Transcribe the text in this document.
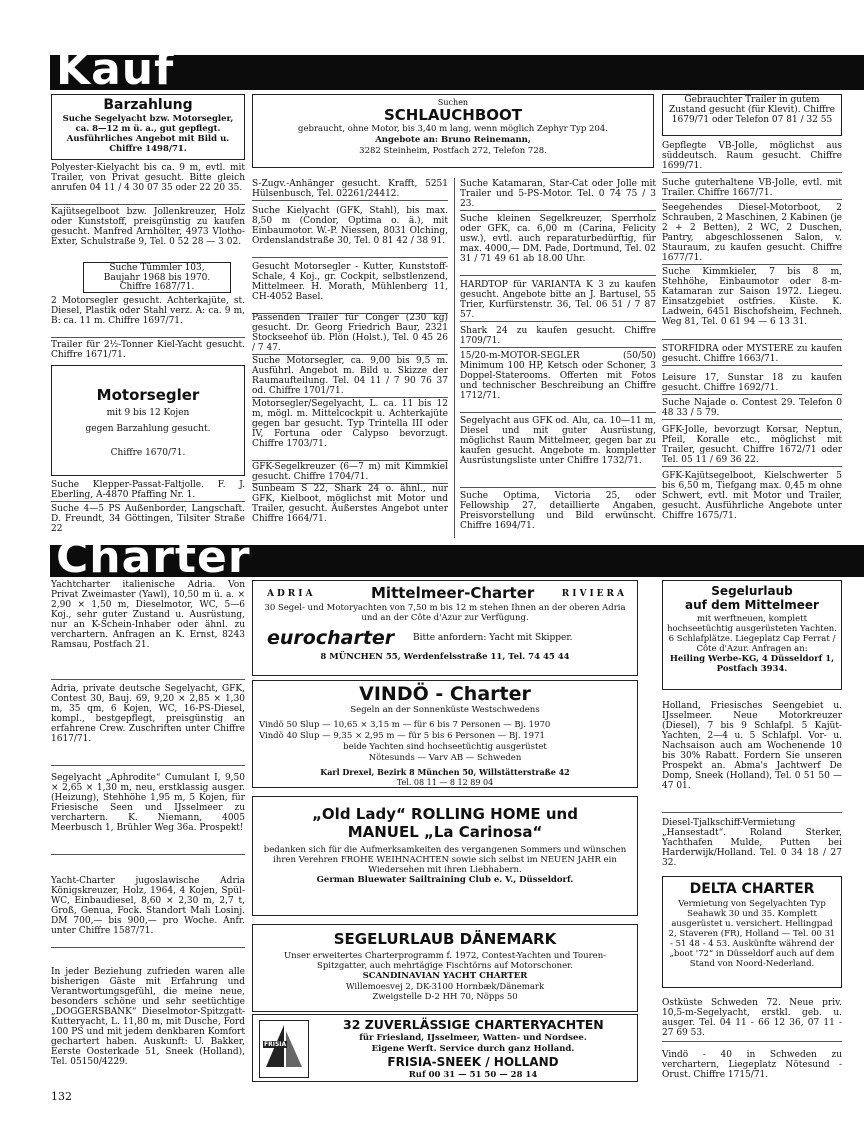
Kauf
Barzahlung
Suche Segelyacht bzw. Motorsegler, ca. 8—12 m ü. a., gut gepflegt. Ausführliches Angebot mit Bild u. Chiffre 1498/71.
Polyester-Kielyacht bis ca. 9 m, evtl. mit Trailer, von Privat gesucht. Bitte gleich anrufen 04 11 / 4 30 07 35 oder 22 20 35.
Kajütsegelboot bzw. Jollenkreuzer, Holz oder Kunststoff, preisgünstig zu kaufen gesucht. Manfred Arnhölter, 4973 Vlotho-Exter, Schulstraße 9, Tel. 0 52 28 — 3 02.
Suche Tümmler 103,
Baujahr 1968 bis 1970.
Chiffre 1687/71.
2 Motorsegler gesucht. Achterkajüte, st. Diesel, Plastik oder Stahl verz. A: ca. 9 m, B: ca. 11 m. Chiffre 1697/71.
Trailer für 2½-Tonner Kiel-Yacht gesucht. Chiffre 1671/71.
Motorsegler
mit 9 bis 12 Kojen
gegen Barzahlung gesucht.
Chiffre 1670/71.
Suche Klepper-Passat-Faltjolle. F. J. Eberling, A-4870 Pfaffing Nr. 1.
Suche 4—5 PS Außenborder, Langschaft. D. Freundt, 34 Göttingen, Tilsiter Straße 22
Suchen
SCHLAUCHBOOT
gebraucht, ohne Motor, bis 3,40 m lang, wenn möglich Zephyr Typ 204.
Angebote an: Bruno Reinemann,
3282 Steinheim, Postfach 272, Telefon 728.
S-Zugv.-Anhänger gesucht. Krafft, 5251 Hülsenbusch, Tel. 02261/24412.
Suche Kielyacht (GFK, Stahl), bis max. 8,50 m (Condor, Optima o. ä.), mit Einbaumotor. W.-P. Niessen, 8031 Olching, Ordenslandstraße 30, Tel. 0 81 42 / 38 91.
Gesucht Motorsegler - Kutter, Kunststoff-Schale, 4 Koj., gr. Cockpit, selbstlenzend, Mittelmeer. H. Morath, Mühlenberg 11, CH-4052 Basel.
Passenden Trailer für Conger (230 kg) gesucht. Dr. Georg Friedrich Baur, 2321 Stockseehof üb. Plön (Holst.), Tel. 0 45 26 / 7 47.
Suche Motorsegler, ca. 9,00 bis 9,5 m. Ausführl. Angebot m. Bild u. Skizze der Raumaufteilung. Tel. 04 11 / 7 90 76 37 od. Chiffre 1701/71.
Motorsegler/Segelyacht, L. ca. 11 bis 12 m, mögl. m. Mittelcockpit u. Achterkajüte gegen bar gesucht. Typ Trintella III oder IV, Fortuna oder Calypso bevorzugt. Chiffre 1703/71.
GFK-Segelkreuzer (6—7 m) mit Kimmkiel gesucht. Chiffre 1704/71.
Sunbeam S 22, Shark 24 o. ähnl., nur GFK, Kielboot, möglichst mit Motor und Trailer, gesucht. Äußerstes Angebot unter Chiffre 1664/71.
Suche Katamaran, Star-Cat oder Jolle mit Trailer und 5-PS-Motor. Tel. 0 74 75 / 3 23.
Suche kleinen Segelkreuzer, Sperrholz oder GFK, ca. 6,00 m (Carina, Felicity usw.), evtl. auch reparaturbedürftig, für max. 4000,— DM. Pade, Dortmund, Tel. 02 31 / 71 49 61 ab 18.00 Uhr.
HARDTOP für VARIANTA K 3 zu kaufen gesucht. Angebote bitte an J. Bartusel, 55 Trier, Kurfürstenstr. 36, Tel. 06 51 / 7 87 57.
Shark 24 zu kaufen gesucht. Chiffre 1709/71.
15/20-m-MOTOR-SEGLER (50/50) Minimum 100 HP, Ketsch oder Schoner, 3 Doppel-Staterooms. Offerten mit Fotos und technischer Beschreibung an Chiffre 1712/71.
Segelyacht aus GFK od. Alu, ca. 10—11 m, Diesel und mit guter Ausrüstung, möglichst Raum Mittelmeer, gegen bar zu kaufen gesucht. Angebote m. kompletter Ausrüstungsliste unter Chiffre 1732/71.
Suche Optima, Victoria 25, oder Fellowship 27, detaillierte Angaben, Preisvorstellung und Bild erwünscht. Chiffre 1694/71.
Gebrauchter Trailer in gutem Zustand gesucht (für Klevit). Chiffre 1679/71 oder Telefon 07 81 / 32 55
Gepflegte VB-Jolle, möglichst aus süddeutsch. Raum gesucht. Chiffre 1699/71.
Suche guterhaltene VB-Jolle, evtl. mit Trailer. Chiffre 1667/71.
Seegehendes Diesel-Motorboot, 2 Schrauben, 2 Maschinen, 2 Kabinen (je 2 + 2 Betten), 2 WC, 2 Duschen, Pantry, abgeschlossenen Salon, v. Stauraum, zu kaufen gesucht. Chiffre 1677/71.
Suche Kimmkieler, 7 bis 8 m, Stehhöhe, Einbaumotor oder 8-m-Katamaran zur Saison 1972. Liegeu. Einsatzgebiet ostfries. Küste. K. Ladwein, 6451 Bischofsheim, Fechneh. Weg 81, Tel. 0 61 94 — 6 13 31.
STORFIDRA oder MYSTÈRE zu kaufen gesucht. Chiffre 1663/71.
Leisure 17, Sunstar 18 zu kaufen gesucht. Chiffre 1692/71.
Suche Najade o. Contest 29. Telefon 0 48 33 / 5 79.
GFK-Jolle, bevorzugt Korsar, Neptun, Pfeil, Koralle etc., möglichst mit Trailer, gesucht. Chiffre 1672/71 oder Tel. 05 11 / 69 36 22.
GFK-Kajütsegelboot, Kielschwerter 5 bis 6,50 m, Tiefgang max. 0,45 m ohne Schwert, evtl. mit Motor und Trailer, gesucht. Ausführliche Angebote unter Chiffre 1675/71.
Charter
Yachtcharter italienische Adria. Von Privat Zweimaster (Yawl), 10,50 m ü. a. × 2,90 × 1,50 m, Dieselmotor, WC, 5—6 Koj., sehr guter Zustand u. Ausrüstung, nur an K-Schein-Inhaber oder ähnl. zu verchartern. Anfragen an K. Ernst, 8243 Ramsau, Postfach 21.
Adria, private deutsche Segelyacht, GFK, Contest 30, Bauj. 69, 9,20 × 2,85 × 1,30 m, 35 qm, 6 Kojen, WC, 16-PS-Diesel, kompl., bestgepflegt, preisgünstig an erfahrene Crew. Zuschriften unter Chiffre 1617/71.
Segelyacht „Aphrodite“ Cumulant I, 9,50 × 2,65 × 1,30 m, neu, erstklassig ausger. (Heizung), Stehhöhe 1,95 m, 5 Kojen, für Friesische Seen und IJsselmeer zu verchartern. K. Niemann, 4005 Meerbusch 1, Brühler Weg 36a. Prospekt!
Yacht-Charter jugoslawische Adria Königskreuzer, Holz, 1964, 4 Kojen, Spül-WC, Einbaudiesel, 8,60 × 2,30 m, 2,7 t, Groß, Genua, Fock. Standort Mali Losinj. DM 700,— bis 900,— pro Woche. Anfr. unter Chiffre 1587/71.
In jeder Beziehung zufrieden waren alle bisherigen Gäste mit Erfahrung und Verantwortungsgefühl, die meine neue, besonders schöne und sehr seetüchtige „DOGGERSBANK“ Dieselmotor-Spitzgatt-Kutteryacht, L. 11,80 m, mit Dusche, Ford 100 PS und mit jedem denkbaren Komfort gechartert haben. Auskunft: U. Bakker, Eerste Oosterkade 51, Sneek (Holland), Tel. 05150/4229.
ADRIA	Mittelmeer-Charter	RIVIERA
30 Segel- und Motoryachten von 7,50 m bis 12 m stehen Ihnen an der oberen Adria und an der Côte d'Azur zur Verfügung.
eurocharter Bitte anfordern: Yacht mit Skipper.
8 MÜNCHEN 55, Werdenfelsstraße 11, Tel. 74 45 44
VINDÖ - Charter
Segeln an der Sonnenküste Westschwedens
Vindö 50 Slup — 10,65 × 3,15 m — für 6 bis 7 Personen — Bj. 1970
Vindö 40 Slup — 9,35 × 2,95 m — für 5 bis 6 Personen — Bj. 1971
beide Yachten sind hochseetüchtig ausgerüstet
Nötesunds — Varv AB — Schweden
Karl Drexel, Bezirk 8 München 50, Willstätterstraße 42
Tel. 08 11 — 8 12 89 04
„Old Lady“ ROLLING HOME und
MANUEL „La Carinosa“
bedanken sich für die Aufmerksamkeiten des vergangenen Sommers und wünschen ihren Verehren FROHE WEIHNACHTEN sowie sich selbst im NEUEN JAHR ein Wiedersehen mit ihren Liebhabern.
German Bluewater Sailtraining Club e. V., Düsseldorf.
SEGELURLAUB DÄNEMARK
Unser erweitertes Charterprogramm f. 1972, Contest-Yachten und Touren-Spitzgatter, auch mehrtägige Fischtörns auf Motorschoner.
SCANDINAVIAN YACHT CHARTER
Willemoesvej 2, DK-3100 Hornbæk/Dänemark
Zweigstelle D-2 HH 70, Nöpps 50
FRISIA
32 ZUVERLÄSSIGE CHARTERYACHTEN
für Friesland, IJsselmeer, Watten- und Nordsee.
Eigene Werft. Service durch ganz Holland.
FRISIA-SNEEK / HOLLAND
Ruf 00 31 — 51 50 — 28 14
Segelurlaub
auf dem Mittelmeer
mit werftneuen, komplett hochseetüchtig ausgerüsteten Yachten. 6 Schlafplätze. Liegeplatz Cap Ferrat / Côte d'Azur. Anfragen an:
Heiling Werbe-KG, 4 Düsseldorf 1, Postfach 3934.
Holland, Friesisches Seengebiet u. IJsselmeer. Neue Motorkreuzer (Diesel), 7 bis 9 Schlafpl. 5 Kajüt-Yachten, 2—4 u. 5 Schlafpl. Vor- u. Nachsaison auch am Wochenende 10 bis 30% Rabatt. Fordern Sie unseren Prospekt an. Abma's Jachtwerf De Domp, Sneek (Holland), Tel. 0 51 50 — 47 01.
Diesel-Tjalkschiff-Vermietung „Hansestadt“. Roland Sterker, Yachthafen Mulde, Putten bei Harderwijk/Holland. Tel. 0 34 18 / 27 32.
DELTA CHARTER
Vermietung von Segelyachten Typ Seahawk 30 und 35. Komplett ausgerüstet u. versichert. Hellingpad 2, Staveren (FR), Holland — Tel. 00 31 - 51 48 - 4 53. Auskünfte während der „boot '72“ in Düsseldorf auch auf dem Stand von Noord-Nederland.
Ostküste Schweden 72. Neue priv. 10,5-m-Segelyacht, erstkl. geb. u. ausger. Tel. 04 11 - 66 12 36, 07 11 - 27 69 53.
Vindö - 40 in Schweden zu verchartern, Liegeplatz Nötesund - Orust. Chiffre 1715/71.
132
